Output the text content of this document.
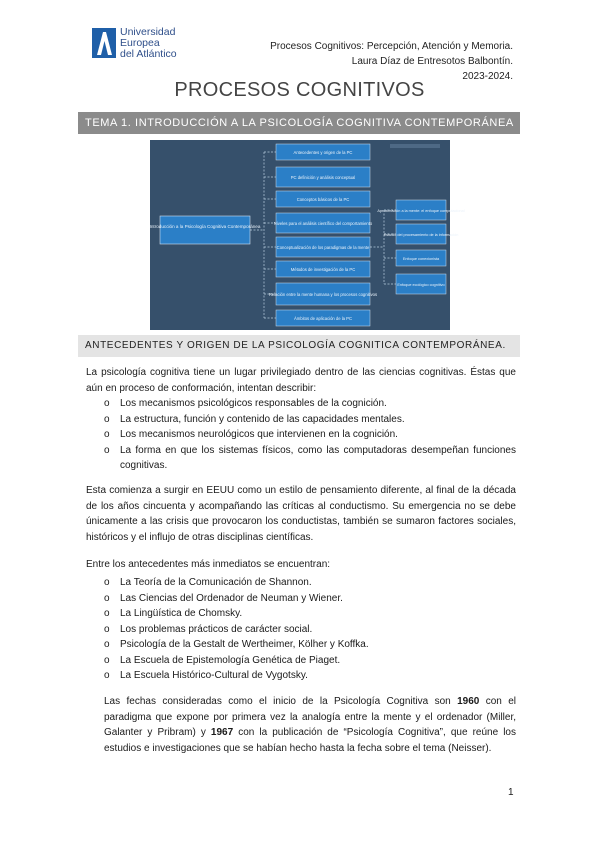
Universidad
Europea
del Atlántico
Procesos Cognitivos: Percepción, Atención y Memoria.
Laura Díaz de Entresotos Balbontín.
2023-2024.
PROCESOS COGNITIVOS
TEMA 1. INTRODUCCIÓN A LA PSICOLOGÍA COGNITIVA CONTEMPORÁNEA
Introducción a la Psicología Cognitiva Contemporánea
Antecedentes y origen de la PC
PC definición y análisis conceptual
Conceptos básicos de la PC
Niveles para el análisis científico del comportamiento
Conceptualización de los paradigmas de la mente
Métodos de investigación de la PC
Relación entre la mente humana y los procesos cognitivos
Ámbitos de aplicación de la PC
Aproximación a la mente: el enfoque computacional
Estudio del procesamiento de la información
Enfoque conexionista
Enfoque ecológico cognitivo
ANTECEDENTES Y ORIGEN DE LA PSICOLOGÍA COGNITICA CONTEMPORÁNEA.
La psicología cognitiva tiene un lugar privilegiado dentro de las ciencias cognitivas. Éstas que aún en proceso de conformación, intentan describir:
o Los mecanismos psicológicos responsables de la cognición.
o La estructura, función y contenido de las capacidades mentales.
o Los mecanismos neurológicos que intervienen en la cognición.
o La forma en que los sistemas físicos, como las computadoras desempeñan funciones cognitivas.
Esta comienza a surgir en EEUU como un estilo de pensamiento diferente, al final de la década de los años cincuenta y acompañando las críticas al conductismo. Su emergencia no se debe únicamente a las crisis que provocaron los conductistas, también se sumaron factores sociales, históricos y el influjo de otras disciplinas científicas.
Entre los antecedentes más inmediatos se encuentran:
o La Teoría de la Comunicación de Shannon.
o Las Ciencias del Ordenador de Neuman y Wiener.
o La Lingüística de Chomsky.
o Los problemas prácticos de carácter social.
o Psicología de la Gestalt de Wertheimer, Kölher y Koffka.
o La Escuela de Epistemología Genética de Piaget.
o La Escuela Histórico-Cultural de Vygotsky.
Las fechas consideradas como el inicio de la Psicología Cognitiva son 1960 con el paradigma que expone por primera vez la analogía entre la mente y el ordenador (Miller, Galanter y Pribram) y 1967 con la publicación de “Psicología Cognitiva”, que reúne los estudios e investigaciones que se habían hecho hasta la fecha sobre el tema (Neisser).
1
